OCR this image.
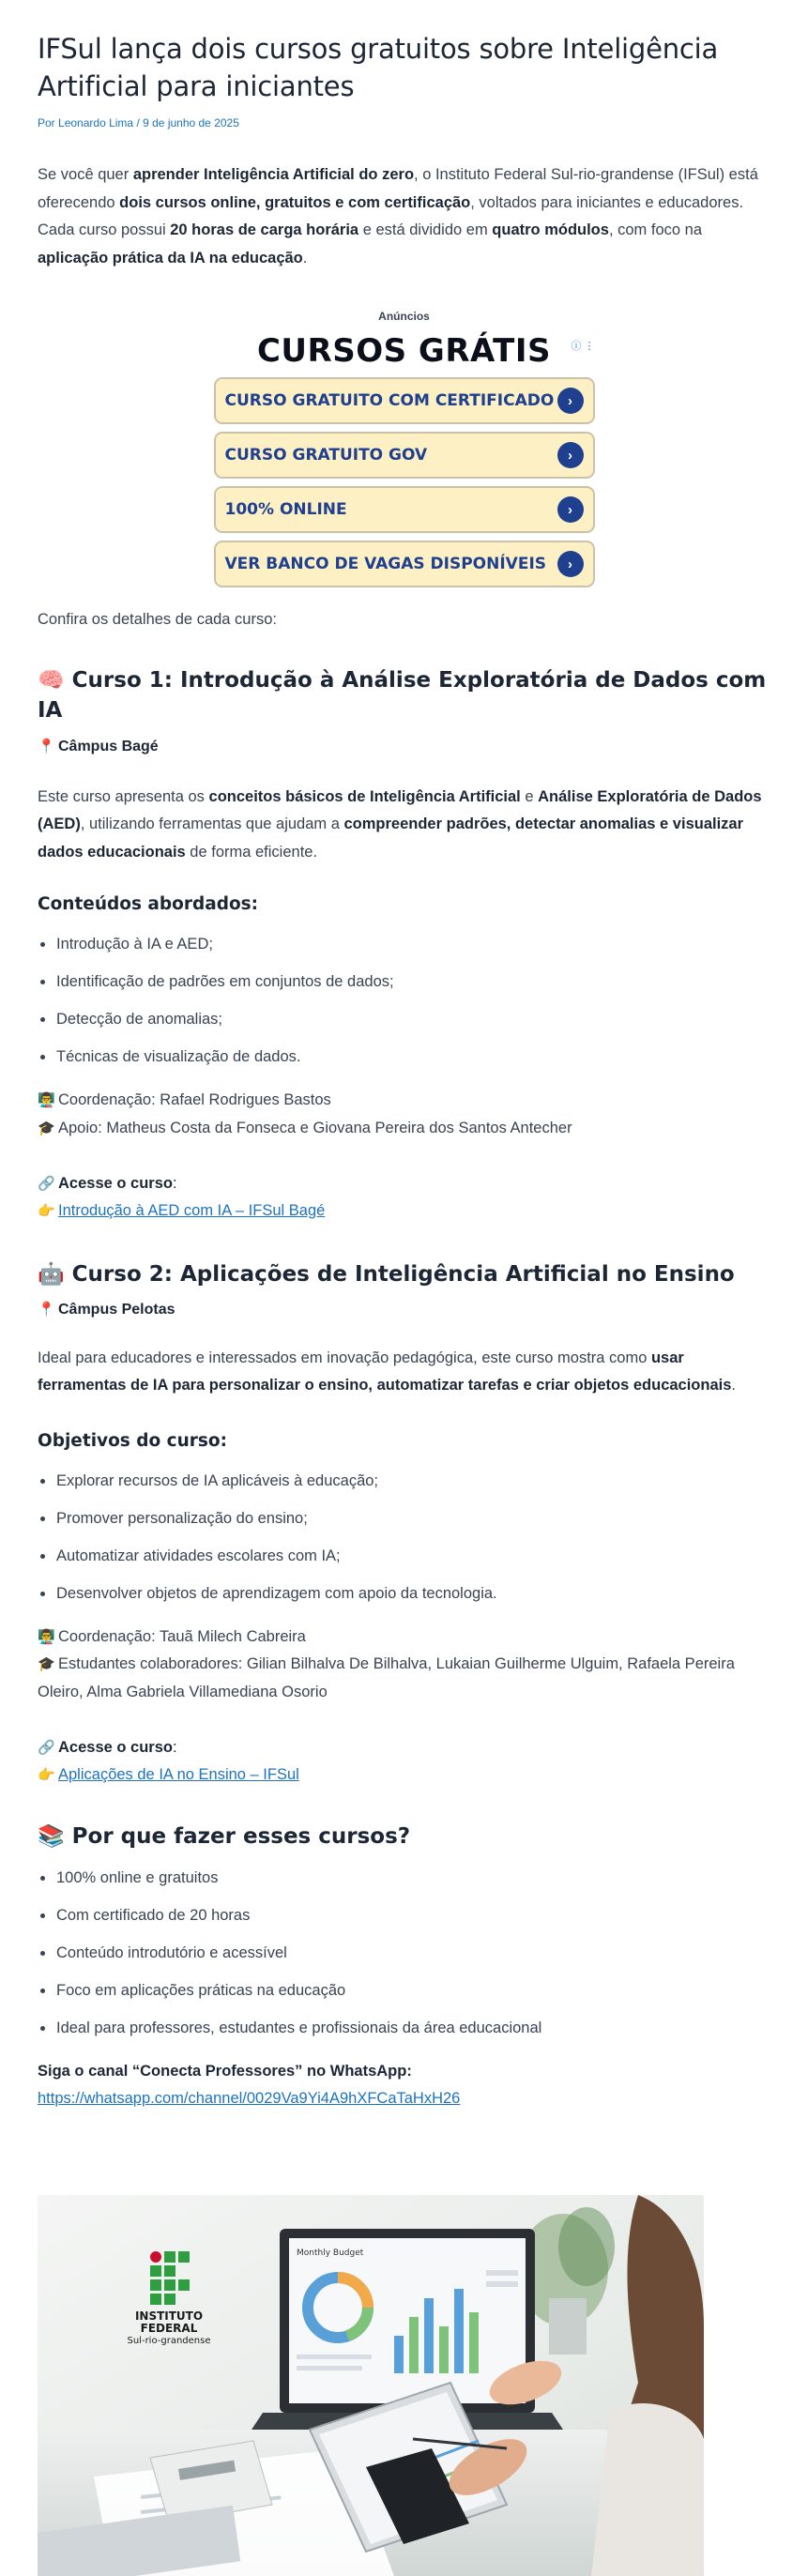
IFSul lança dois cursos gratuitos sobre Inteligência Artificial para iniciantes
Por Leonardo Lima / 9 de junho de 2025

Se você quer aprender Inteligência Artificial do zero, o Instituto Federal Sul-rio-grandense (IFSul) está oferecendo dois cursos online, gratuitos e com certificação, voltados para iniciantes e educadores. Cada curso possui 20 horas de carga horária e está dividido em quatro módulos, com foco na aplicação prática da IA na educação.

Anúncios
CURSOS GRÁTIS	ⓘ ⋮
CURSO GRATUITO COM CERTIFICADO ›
CURSO GRATUITO GOV	›
100% ONLINE	›
VER BANCO DE VAGAS DISPONÍVEIS	›

Confira os detalhes de cada curso:

🧠 Curso 1: Introdução à Análise Exploratória de Dados com IA
📍 Câmpus Bagé

Este curso apresenta os conceitos básicos de Inteligência Artificial e Análise Exploratória de Dados (AED), utilizando ferramentas que ajudam a compreender padrões, detectar anomalias e visualizar dados educacionais de forma eficiente.

Conteúdos abordados:
Introdução à IA e AED;
Identificação de padrões em conjuntos de dados;
Detecção de anomalias;
Técnicas de visualização de dados.
👨‍🏫 Coordenação: Rafael Rodrigues Bastos
🎓 Apoio: Matheus Costa da Fonseca e Giovana Pereira dos Santos Antecher
🔗 Acesse o curso:
👉 Introdução à AED com IA – IFSul Bagé
🤖 Curso 2: Aplicações de Inteligência Artificial no Ensino
📍 Câmpus Pelotas

Ideal para educadores e interessados em inovação pedagógica, este curso mostra como usar ferramentas de IA para personalizar o ensino, automatizar tarefas e criar objetos educacionais.

Objetivos do curso:
Explorar recursos de IA aplicáveis à educação;
Promover personalização do ensino;
Automatizar atividades escolares com IA;
Desenvolver objetos de aprendizagem com apoio da tecnologia.
👨‍🏫 Coordenação: Tauã Milech Cabreira
🎓 Estudantes colaboradores: Gilian Bilhalva De Bilhalva, Lukaian Guilherme Ulguim, Rafaela Pereira Oleiro, Alma Gabriela Villamediana Osorio
🔗 Acesse o curso:
👉 Aplicações de IA no Ensino – IFSul
📚 Por que fazer esses cursos?
100% online e gratuitos
Com certificado de 20 horas
Conteúdo introdutório e acessível
Foco em aplicações práticas na educação
Ideal para professores, estudantes e profissionais da área educacional
Siga o canal “Conecta Professores” no WhatsApp:
https://whatsapp.com/channel/0029Va9Yi4A9hXFCaTaHxH26
Monthly Budget
INSTITUTO
FEDERAL
Sul-rio-grandense
